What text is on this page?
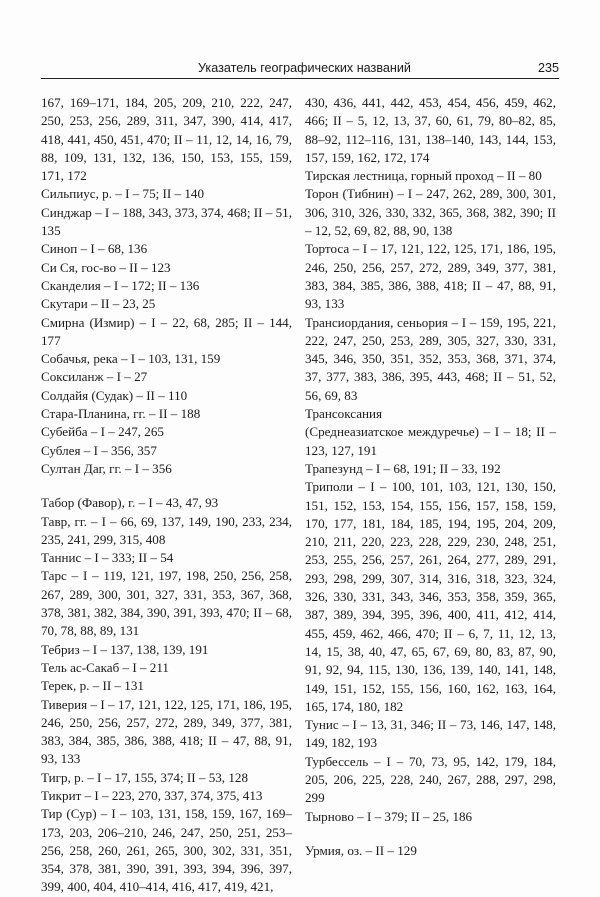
Указатель географических названий	235

167, 169–171, 184, 205, 209, 210, 222, 247, 250, 253, 256, 289, 311, 347, 390, 414, 417, 418, 441, 450, 451, 470; II – 11, 12, 14, 16, 79, 88, 109, 131, 132, 136, 150, 153, 155, 159, 171, 172

Сильпиус, р. – I – 75; II – 140

Синджар – I – 188, 343, 373, 374, 468; II – 51, 135

Синоп – I – 68, 136

Си Ся, гос-во – II – 123

Сканделия – I – 172; II – 136

Скутари – II – 23, 25

Смирна (Измир) – I – 22, 68, 285; II – 144, 177

Собачья, река – I – 103, 131, 159

Соксиланж – I – 27

Солдайя (Судак) – II – 110

Стара-Планина, гг. – II – 188

Субейба – I – 247, 265

Сублея – I – 356, 357

Султан Даг, гг. – I – 356

Табор (Фавор), г. – I – 43, 47, 93

Тавр, гг. – I – 66, 69, 137, 149, 190, 233, 234, 235, 241, 299, 315, 408

Таннис – I – 333; II – 54

Тарс – I – 119, 121, 197, 198, 250, 256, 258, 267, 289, 300, 301, 327, 331, 353, 367, 368, 378, 381, 382, 384, 390, 391, 393, 470; II – 68, 70, 78, 88, 89, 131

Тебриз – I – 137, 138, 139, 191

Тель ас-Сакаб – I – 211

Терек, р. – II – 131

Тиверия – I – 17, 121, 122, 125, 171, 186, 195, 246, 250, 256, 257, 272, 289, 349, 377, 381, 383, 384, 385, 386, 388, 418; II – 47, 88, 91, 93, 133

Тигр, р. – I – 17, 155, 374; II – 53, 128

Тикрит – I – 223, 270, 337, 374, 375, 413

Тир (Сур) – I – 103, 131, 158, 159, 167, 169–173, 203, 206–210, 246, 247, 250, 251, 253–256, 258, 260, 261, 265, 300, 302, 331, 351, 354, 378, 381, 390, 391, 393, 394, 396, 397, 399, 400, 404, 410–414, 416, 417, 419, 421,

430, 436, 441, 442, 453, 454, 456, 459, 462, 466; II – 5, 12, 13, 37, 60, 61, 79, 80–82, 85, 88–92, 112–116, 131, 138–140, 143, 144, 153, 157, 159, 162, 172, 174

Тирская лестница, горный проход – II – 80

Торон (Тибнин) – I – 247, 262, 289, 300, 301, 306, 310, 326, 330, 332, 365, 368, 382, 390; II – 12, 52, 69, 82, 88, 90, 138

Тортоса – I – 17, 121, 122, 125, 171, 186, 195, 246, 250, 256, 257, 272, 289, 349, 377, 381, 383, 384, 385, 386, 388, 418; II – 47, 88, 91, 93, 133

Трансиордания, сеньория – I – 159, 195, 221, 222, 247, 250, 253, 289, 305, 327, 330, 331, 345, 346, 350, 351, 352, 353, 368, 371, 374, 37, 377, 383, 386, 395, 443, 468; II – 51, 52, 56, 69, 83

Трансоксания

(Среднеазиатское междуречье) – I – 18; II – 123, 127, 191

Трапезунд – I – 68, 191; II – 33, 192

Триполи – I – 100, 101, 103, 121, 130, 150, 151, 152, 153, 154, 155, 156, 157, 158, 159, 170, 177, 181, 184, 185, 194, 195, 204, 209, 210, 211, 220, 223, 228, 229, 230, 248, 251, 253, 255, 256, 257, 261, 264, 277, 289, 291, 293, 298, 299, 307, 314, 316, 318, 323, 324, 326, 330, 331, 343, 346, 353, 358, 359, 365, 387, 389, 394, 395, 396, 400, 411, 412, 414, 455, 459, 462, 466, 470; II – 6, 7, 11, 12, 13, 14, 15, 38, 40, 47, 65, 67, 69, 80, 83, 87, 90, 91, 92, 94, 115, 130, 136, 139, 140, 141, 148, 149, 151, 152, 155, 156, 160, 162, 163, 164, 165, 174, 180, 182

Тунис – I – 13, 31, 346; II – 73, 146, 147, 148, 149, 182, 193

Турбессель – I – 70, 73, 95, 142, 179, 184, 205, 206, 225, 228, 240, 267, 288, 297, 298, 299

Тырново – I – 379; II – 25, 186

Урмия, оз. – II – 129
